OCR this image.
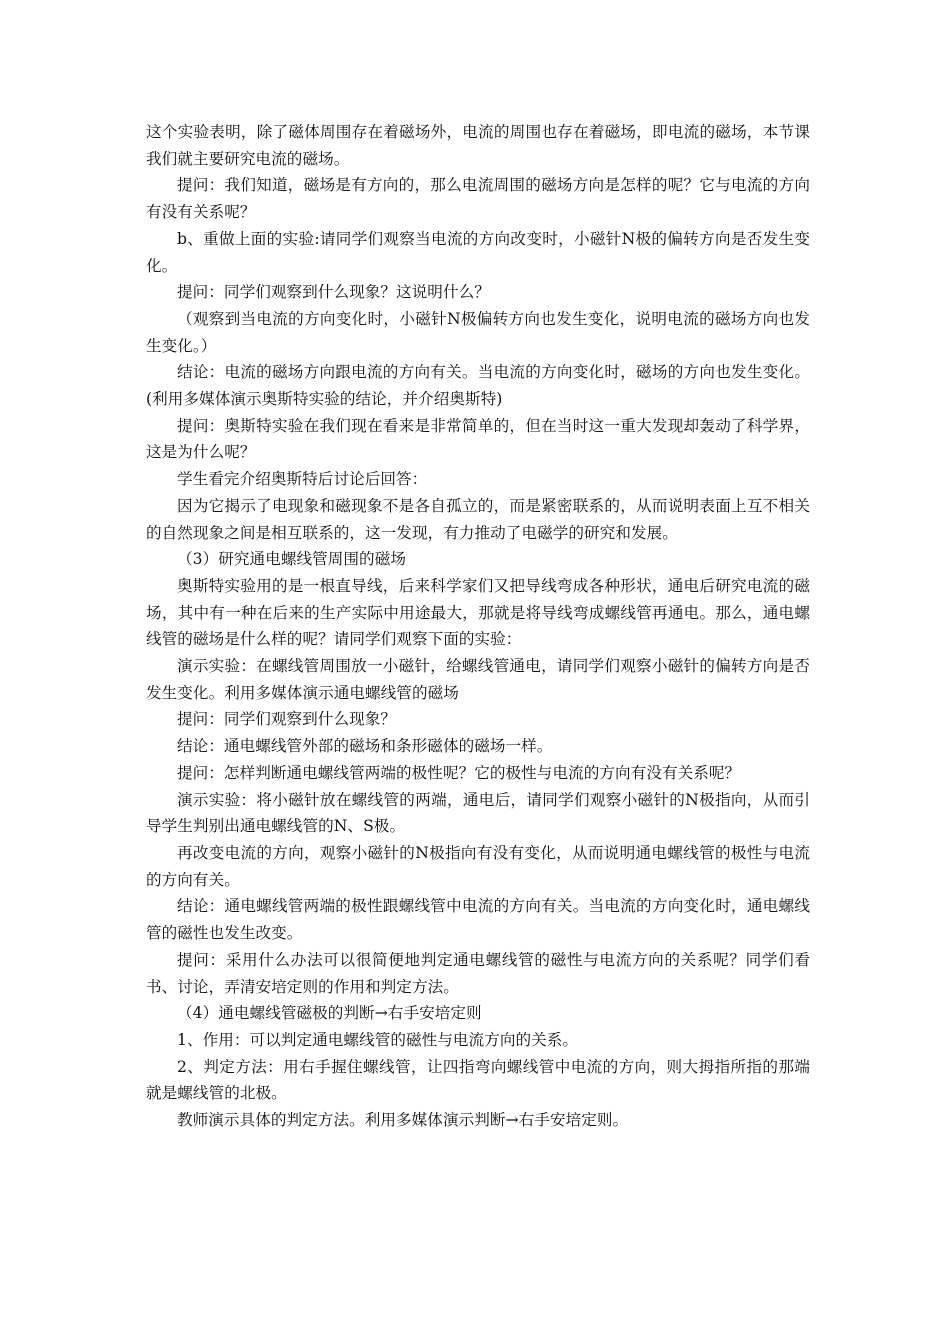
这个实验表明，除了磁体周围存在着磁场外，电流的周围也存在着磁场，即电流的磁场，本节课我们就主要研究电流的磁场。

提问：我们知道，磁场是有方向的，那么电流周围的磁场方向是怎样的呢？它与电流的方向有没有关系呢？

b、重做上面的实验:请同学们观察当电流的方向改变时，小磁针N极的偏转方向是否发生变化。

提问：同学们观察到什么现象？这说明什么？

（观察到当电流的方向变化时，小磁针N极偏转方向也发生变化，说明电流的磁场方向也发生变化。）

结论：电流的磁场方向跟电流的方向有关。当电流的方向变化时，磁场的方向也发生变化。(利用多媒体演示奥斯特实验的结论，并介绍奥斯特)

提问：奥斯特实验在我们现在看来是非常简单的，但在当时这一重大发现却轰动了科学界，这是为什么呢？

学生看完介绍奥斯特后讨论后回答：

因为它揭示了电现象和磁现象不是各自孤立的，而是紧密联系的，从而说明表面上互不相关的自然现象之间是相互联系的，这一发现，有力推动了电磁学的研究和发展。

（3）研究通电螺线管周围的磁场

奥斯特实验用的是一根直导线，后来科学家们又把导线弯成各种形状，通电后研究电流的磁场，其中有一种在后来的生产实际中用途最大，那就是将导线弯成螺线管再通电。那么，通电螺线管的磁场是什么样的呢？请同学们观察下面的实验：

演示实验：在螺线管周围放一小磁针，给螺线管通电，请同学们观察小磁针的偏转方向是否发生变化。利用多媒体演示通电螺线管的磁场

提问：同学们观察到什么现象？

结论：通电螺线管外部的磁场和条形磁体的磁场一样。

提问：怎样判断通电螺线管两端的极性呢？它的极性与电流的方向有没有关系呢？

演示实验：将小磁针放在螺线管的两端，通电后，请同学们观察小磁针的N极指向，从而引导学生判别出通电螺线管的N、S极。

再改变电流的方向，观察小磁针的N极指向有没有变化，从而说明通电螺线管的极性与电流的方向有关。

结论：通电螺线管两端的极性跟螺线管中电流的方向有关。当电流的方向变化时，通电螺线管的磁性也发生改变。

提问：采用什么办法可以很简便地判定通电螺线管的磁性与电流方向的关系呢？同学们看书、讨论，弄清安培定则的作用和判定方法。

（4）通电螺线管磁极的判断→右手安培定则

1、作用：可以判定通电螺线管的磁性与电流方向的关系。

2、判定方法：用右手握住螺线管，让四指弯向螺线管中电流的方向，则大拇指所指的那端就是螺线管的北极。

教师演示具体的判定方法。利用多媒体演示判断→右手安培定则。
